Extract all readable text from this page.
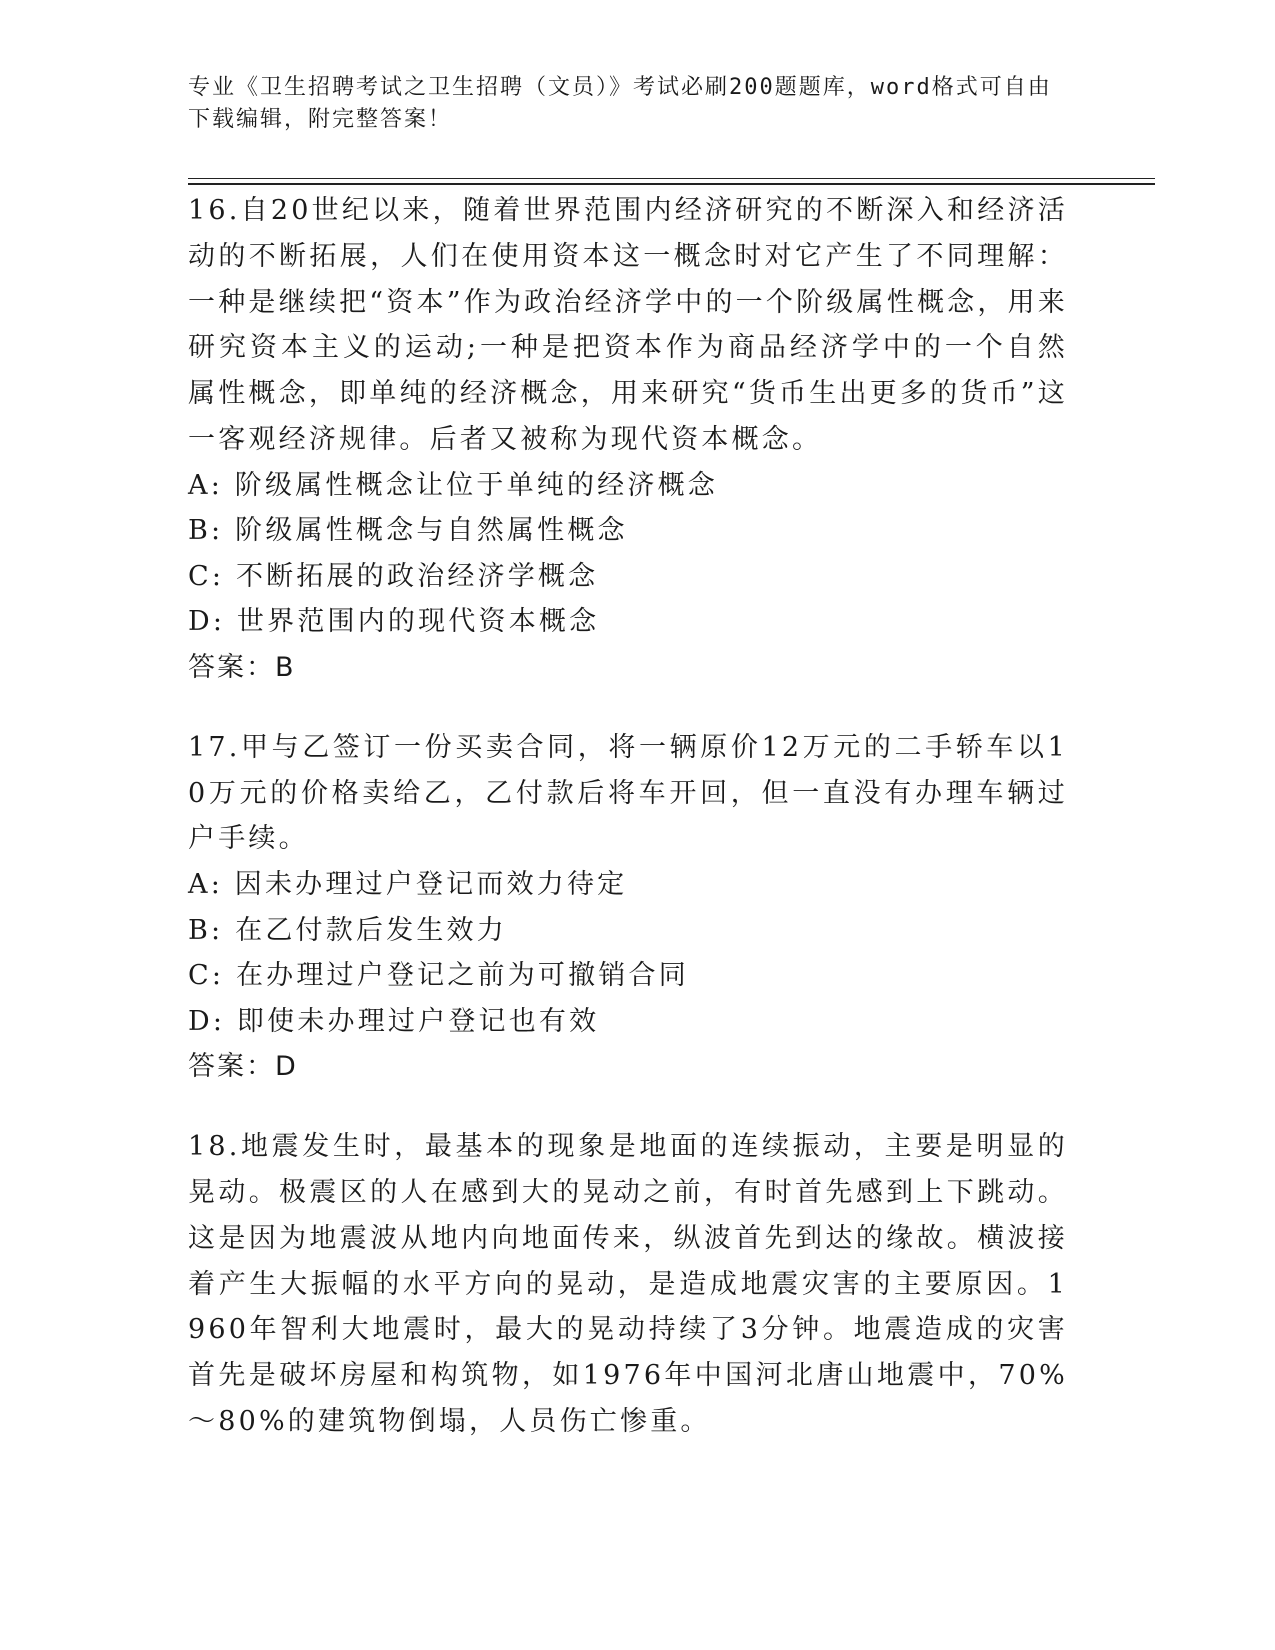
专业《卫生招聘考试之卫生招聘（文员）》考试必刷200题题库，word格式可自由下载编辑，附完整答案！
16.自20世纪以来，随着世界范围内经济研究的不断深入和经济活动的不断拓展，人们在使用资本这一概念时对它产生了不同理解：一种是继续把“资本”作为政治经济学中的一个阶级属性概念，用来研究资本主义的运动;一种是把资本作为商品经济学中的一个自然属性概念，即单纯的经济概念，用来研究“货币生出更多的货币”这一客观经济规律。后者又被称为现代资本概念。
A: 阶级属性概念让位于单纯的经济概念
B: 阶级属性概念与自然属性概念
C: 不断拓展的政治经济学概念
D: 世界范围内的现代资本概念
答案：B
17.甲与乙签订一份买卖合同，将一辆原价12万元的二手轿车以10万元的价格卖给乙，乙付款后将车开回，但一直没有办理车辆过户手续。
A: 因未办理过户登记而效力待定
B: 在乙付款后发生效力
C: 在办理过户登记之前为可撤销合同
D: 即使未办理过户登记也有效
答案：D
18.地震发生时，最基本的现象是地面的连续振动，主要是明显的晃动。极震区的人在感到大的晃动之前，有时首先感到上下跳动。这是因为地震波从地内向地面传来，纵波首先到达的缘故。横波接着产生大振幅的水平方向的晃动，是造成地震灾害的主要原因。1960年智利大地震时，最大的晃动持续了3分钟。地震造成的灾害首先是破坏房屋和构筑物，如1976年中国河北唐山地震中，70%～80%的建筑物倒塌，人员伤亡惨重。
